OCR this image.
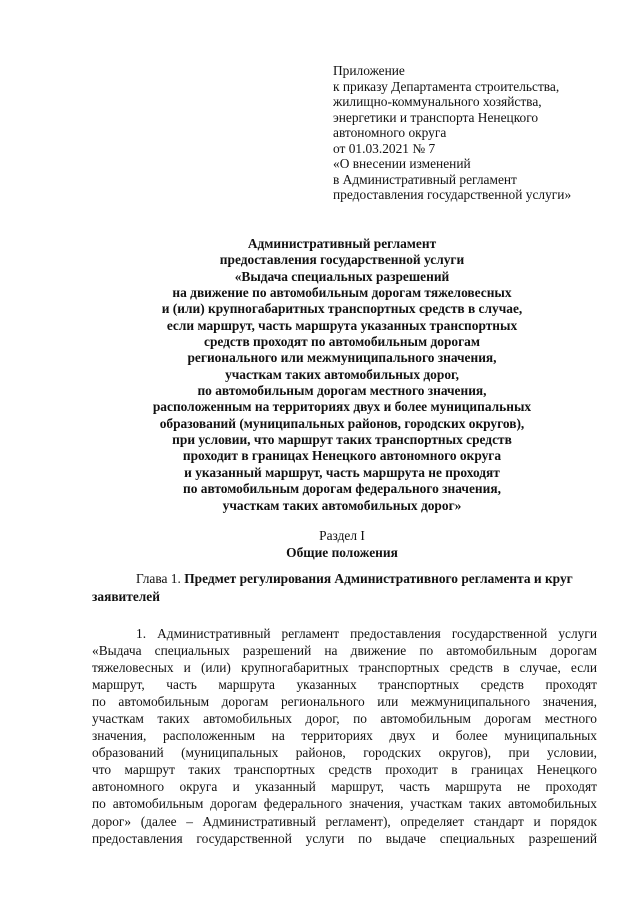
Приложение
к приказу Департамента строительства,
жилищно-коммунального хозяйства,
энергетики и транспорта Ненецкого
автономного округа
от 01.03.2021 № 7
«О внесении изменений
в Административный регламент
предоставления государственной услуги»
Административный регламент
предоставления государственной услуги
«Выдача специальных разрешений
на движение по автомобильным дорогам тяжеловесных
и (или) крупногабаритных транспортных средств в случае,
если маршрут, часть маршрута указанных транспортных
средств проходят по автомобильным дорогам
регионального или межмуниципального значения,
участкам таких автомобильных дорог,
по автомобильным дорогам местного значения,
расположенным на территориях двух и более муниципальных
образований (муниципальных районов, городских округов),
при условии, что маршрут таких транспортных средств
проходит в границах Ненецкого автономного округа
и указанный маршрут, часть маршрута не проходят
по автомобильным дорогам федерального значения,
участкам таких автомобильных дорог»
Раздел I
Общие положения
Глава 1. Предмет регулирования Административного регламента и круг
заявителей
1. Административный регламент предоставления государственной услуги
«Выдача специальных разрешений на движение по автомобильным дорогам
тяжеловесных и (или) крупногабаритных транспортных средств в случае, если
маршрут, часть маршрута указанных транспортных средств проходят
по автомобильным дорогам регионального или межмуниципального значения,
участкам таких автомобильных дорог, по автомобильным дорогам местного
значения, расположенным на территориях двух и более муниципальных
образований (муниципальных районов, городских округов), при условии,
что маршрут таких транспортных средств проходит в границах Ненецкого
автономного округа и указанный маршрут, часть маршрута не проходят
по автомобильным дорогам федерального значения, участкам таких автомобильных
дорог» (далее – Административный регламент), определяет стандарт и порядок
предоставления государственной услуги по выдаче специальных разрешений
